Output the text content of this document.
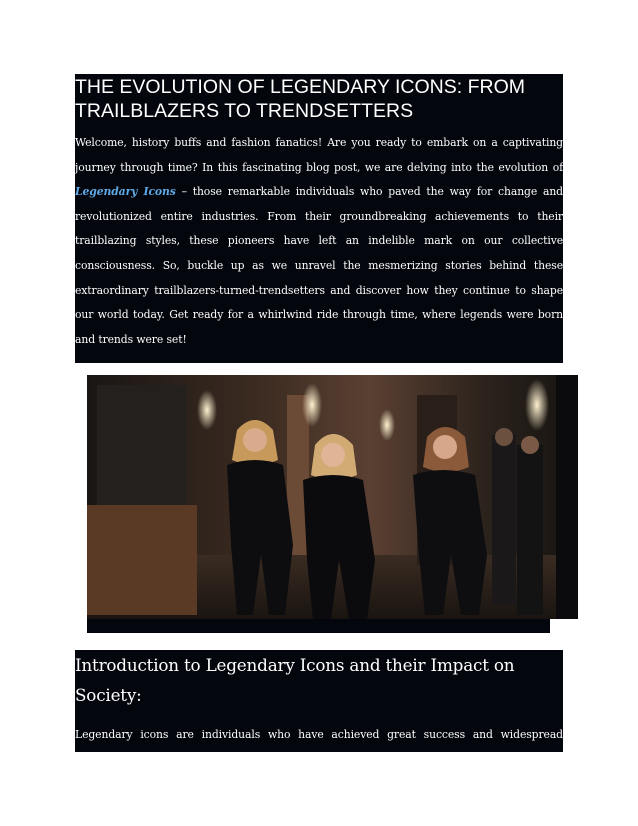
THE EVOLUTION OF LEGENDARY ICONS: FROM TRAILBLAZERS TO TRENDSETTERS

Welcome, history buffs and fashion fanatics! Are you ready to embark on a captivating journey through time? In this fascinating blog post, we are delving into the evolution of Legendary Icons – those remarkable individuals who paved the way for change and revolutionized entire industries. From their groundbreaking achievements to their trailblazing styles, these pioneers have left an indelible mark on our collective consciousness. So, buckle up as we unravel the mesmerizing stories behind these extraordinary trailblazers-turned-trendsetters and discover how they continue to shape our world today. Get ready for a whirlwind ride through time, where legends were born and trends were set!

Introduction to Legendary Icons and their Impact on Society:

Legendary icons are individuals who have achieved great success and widespread recognition in a specific field or industry. From musicians, actors, activists, scientists, to
